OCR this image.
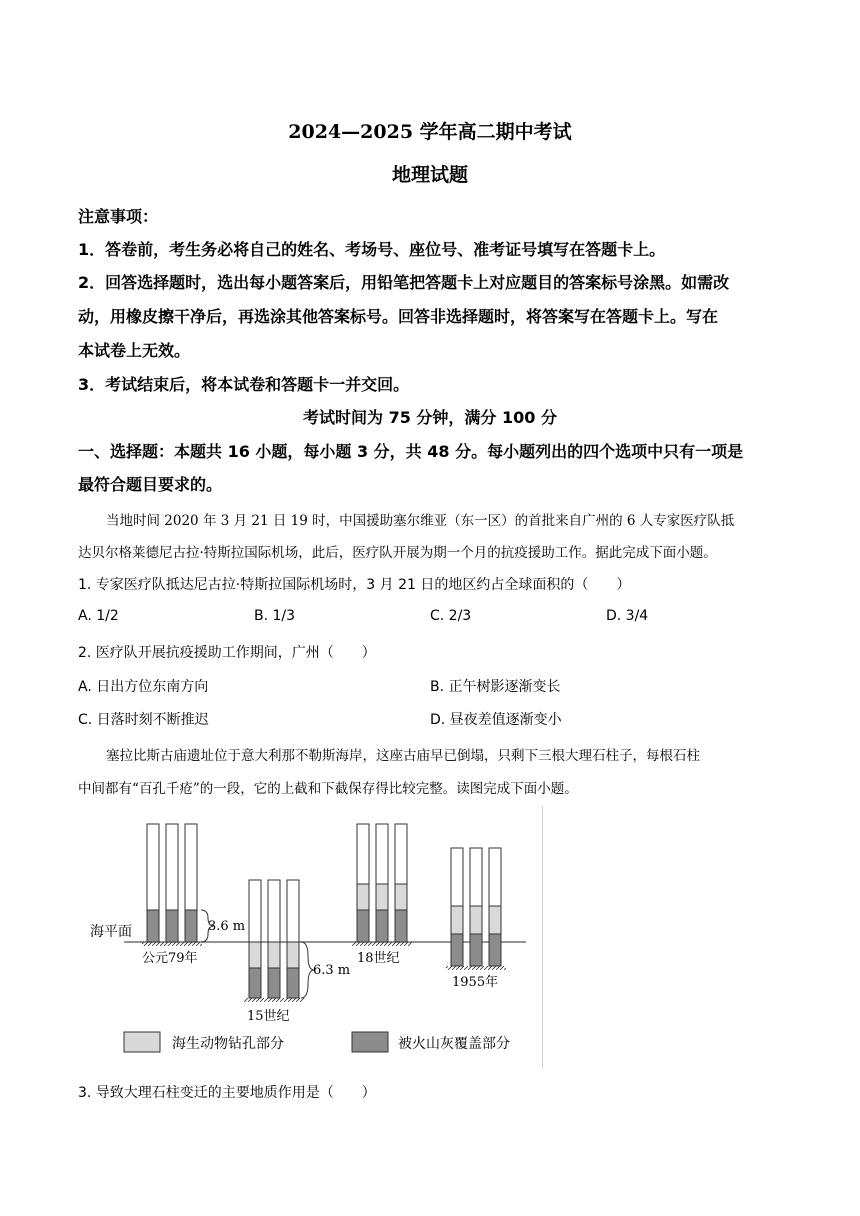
2024—2025 学年高二期中考试
地理试题
注意事项：
1．答卷前，考生务必将自己的姓名、考场号、座位号、准考证号填写在答题卡上。
2．回答选择题时，选出每小题答案后，用铅笔把答题卡上对应题目的答案标号涂黑。如需改
动，用橡皮擦干净后，再选涂其他答案标号。回答非选择题时，将答案写在答题卡上。写在
本试卷上无效。
3．考试结束后，将本试卷和答题卡一并交回。
考试时间为 75 分钟，满分 100 分
一、选择题：本题共 16 小题，每小题 3 分，共 48 分。每小题列出的四个选项中只有一项是
最符合题目要求的。
当地时间 2020 年 3 月 21 日 19 时，中国援助塞尔维亚（东一区）的首批来自广州的 6 人专家医疗队抵
达贝尔格莱德尼古拉·特斯拉国际机场，此后，医疗队开展为期一个月的抗疫援助工作。据此完成下面小题。
1. 专家医疗队抵达尼古拉·特斯拉国际机场时，3 月 21 日的地区约占全球面积的（　　）
A. 1/2	B. 1/3	C. 2/3	D. 3/4
2. 医疗队开展抗疫援助工作期间，广州（　　）
A. 日出方位东南方向	B. 正午树影逐渐变长
C. 日落时刻不断推迟	D. 昼夜差值逐渐变小
塞拉比斯古庙遗址位于意大利那不勒斯海岸，这座古庙早已倒塌，只剩下三根大理石柱子，每根石柱
中间都有“百孔千疮”的一段，它的上截和下截保存得比较完整。读图完成下面小题。
海平面
公元79年
15世纪
18世纪
1955年
3.6 m
6.3 m
海生动物钻孔部分	被火山灰覆盖部分
3. 导致大理石柱变迁的主要地质作用是（　　）
